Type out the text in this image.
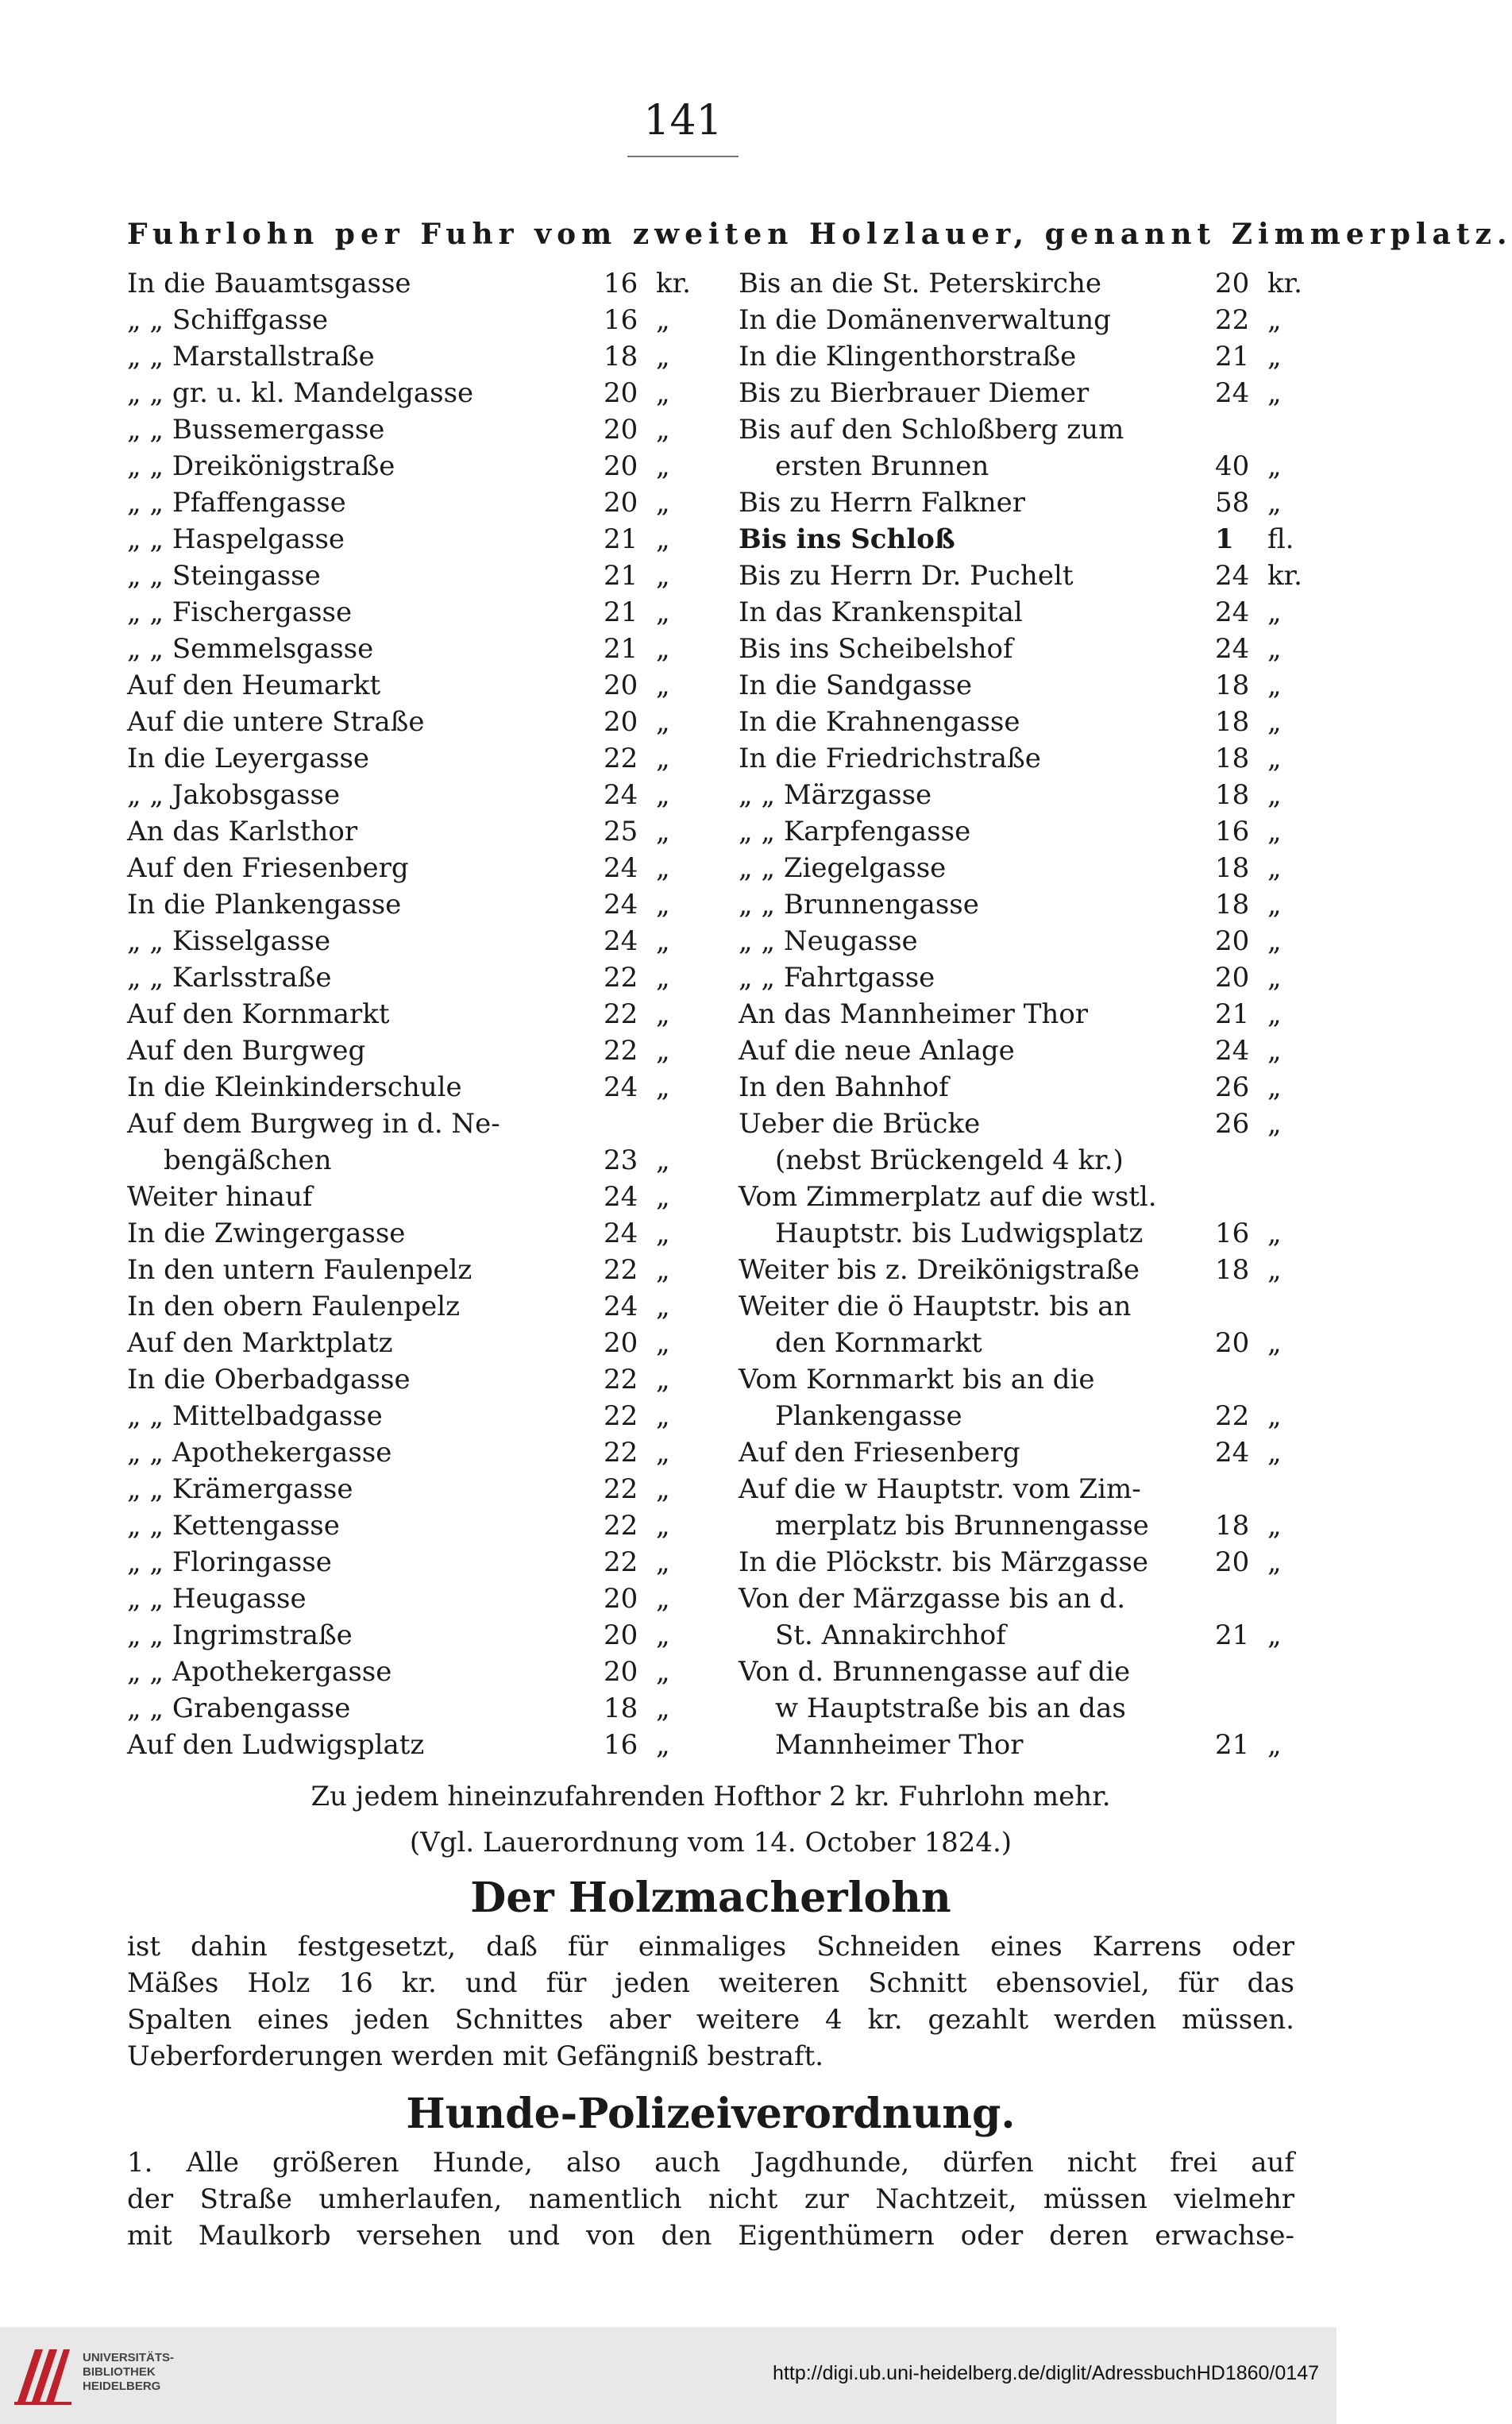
141
Fuhrlohn per Fuhr vom zweiten Holzlauer, genannt Zimmerplatz.
In die Bauamtsgasse	16 kr.
„ „ Schiffgasse	16 „
„ „ Marstallstraße	18 „
„ „ gr. u. kl. Mandelgasse	20 „
„ „ Bussemergasse	20 „
„ „ Dreikönigstraße	20 „
„ „ Pfaffengasse	20 „
„ „ Haspelgasse	21 „
„ „ Steingasse	21 „
„ „ Fischergasse	21 „
„ „ Semmelsgasse	21 „
Auf den Heumarkt	20 „
Auf die untere Straße	20 „
In die Leyergasse	22 „
„ „ Jakobsgasse	24 „
An das Karlsthor	25 „
Auf den Friesenberg	24 „
In die Plankengasse	24 „
„ „ Kisselgasse	24 „
„ „ Karlsstraße	22 „
Auf den Kornmarkt	22 „
Auf den Burgweg	22 „
In die Kleinkinderschule	24 „
Auf dem Burgweg in d. Ne-
bengäßchen	23 „
Weiter hinauf	24 „
In die Zwingergasse	24 „
In den untern Faulenpelz	22 „
In den obern Faulenpelz	24 „
Auf den Marktplatz	20 „
In die Oberbadgasse	22 „
„ „ Mittelbadgasse	22 „
„ „ Apothekergasse	22 „
„ „ Krämergasse	22 „
„ „ Kettengasse	22 „
„ „ Floringasse	22 „
„ „ Heugasse	20 „
„ „ Ingrimstraße	20 „
„ „ Apothekergasse	20 „
„ „ Grabengasse	18 „
Auf den Ludwigsplatz	16 „
Bis an die St. Peterskirche	20 kr.
In die Domänenverwaltung	22 „
In die Klingenthorstraße	21 „
Bis zu Bierbrauer Diemer	24 „
Bis auf den Schloßberg zum
ersten Brunnen	40 „
Bis zu Herrn Falkner	58 „
Bis ins Schloß	1 fl.
Bis zu Herrn Dr. Puchelt	24 kr.
In das Krankenspital	24 „
Bis ins Scheibelshof	24 „
In die Sandgasse	18 „
In die Krahnengasse	18 „
In die Friedrichstraße	18 „
„ „ Märzgasse	18 „
„ „ Karpfengasse	16 „
„ „ Ziegelgasse	18 „
„ „ Brunnengasse	18 „
„ „ Neugasse	20 „
„ „ Fahrtgasse	20 „
An das Mannheimer Thor	21 „
Auf die neue Anlage	24 „
In den Bahnhof	26 „
Ueber die Brücke	26 „
(nebst Brückengeld 4 kr.)
Vom Zimmerplatz auf die wstl.
Hauptstr. bis Ludwigsplatz	16 „
Weiter bis z. Dreikönigstraße	18 „
Weiter die ö Hauptstr. bis an
den Kornmarkt	20 „
Vom Kornmarkt bis an die
Plankengasse	22 „
Auf den Friesenberg	24 „
Auf die w Hauptstr. vom Zim-
merplatz bis Brunnengasse 18 „
In die Plöckstr. bis Märzgasse 20 „
Von der Märzgasse bis an d.
St. Annakirchhof	21 „
Von d. Brunnengasse auf die
w Hauptstraße bis an das
Mannheimer Thor	21 „
Zu jedem hineinzufahrenden Hofthor 2 kr. Fuhrlohn mehr.
(Vgl. Lauerordnung vom 14. October 1824.)
Der Holzmacherlohn
ist dahin festgesetzt, daß für einmaliges Schneiden eines Karrens oder
Mäßes Holz 16 kr. und für jeden weiteren Schnitt ebensoviel, für das
Spalten eines jeden Schnittes aber weitere 4 kr. gezahlt werden müssen.
Ueberforderungen werden mit Gefängniß bestraft.
Hunde-Polizeiverordnung.
1. Alle größeren Hunde, also auch Jagdhunde, dürfen nicht frei auf
der Straße umherlaufen, namentlich nicht zur Nachtzeit, müssen vielmehr
mit Maulkorb versehen und von den Eigenthümern oder deren erwachse-
UNIVERSITÄTS-
BIBLIOTHEK
HEIDELBERG
http://digi.ub.uni-heidelberg.de/diglit/AdressbuchHD1860/0147
